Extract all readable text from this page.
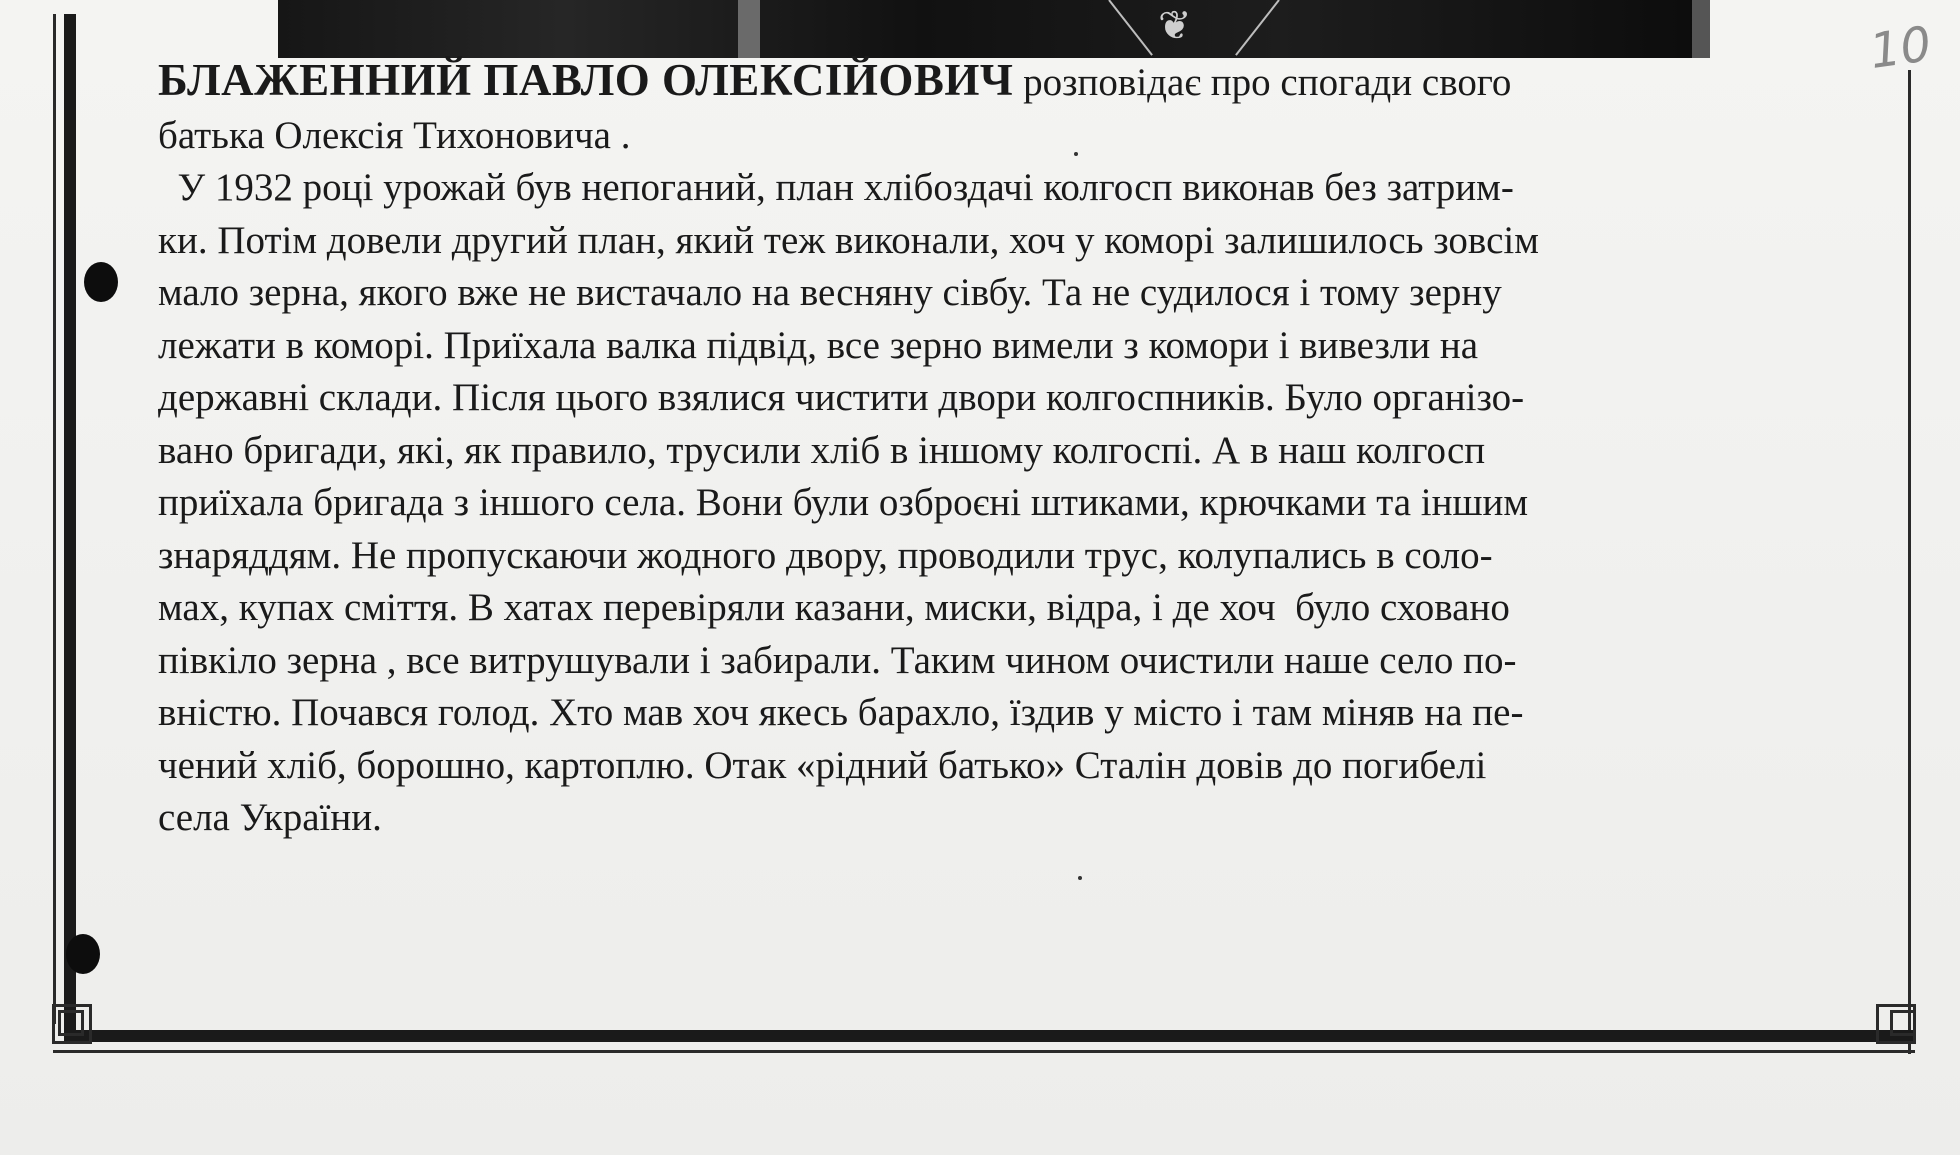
❦	10
БЛАЖЕННИЙ ПАВЛО ОЛЕКСІЙОВИЧ розповідає про спогади свого
батька Олексія Тихоновича .
У 1932 році урожай був непоганий, план хлібоздачі колгосп виконав без затрим-
ки. Потім довели другий план, який теж виконали, хоч у коморі залишилось зовсім
мало зерна, якого вже не вистачало на весняну сівбу. Та не судилося і тому зерну
лежати в коморі. Приїхала валка підвід, все зерно вимели з комори і вивезли на
державні склади. Після цього взялися чистити двори колгоспників. Було організо-
вано бригади, які, як правило, трусили хліб в іншому колгоспі. А в наш колгосп
приїхала бригада з іншого села. Вони були озброєні штиками, крючками та іншим
знаряддям. Не пропускаючи жодного двору, проводили трус, колупались в соло-
мах, купах сміття. В хатах перевіряли казани, миски, відра, і де хоч  було сховано
півкіло зерна , все витрушували і забирали. Таким чином очистили наше село по-
вністю. Почався голод. Хто мав хоч якесь барахло, їздив у місто і там міняв на пе-
чений хліб, борошно, картоплю. Отак «рідний батько» Сталін довів до погибелі
села України.
